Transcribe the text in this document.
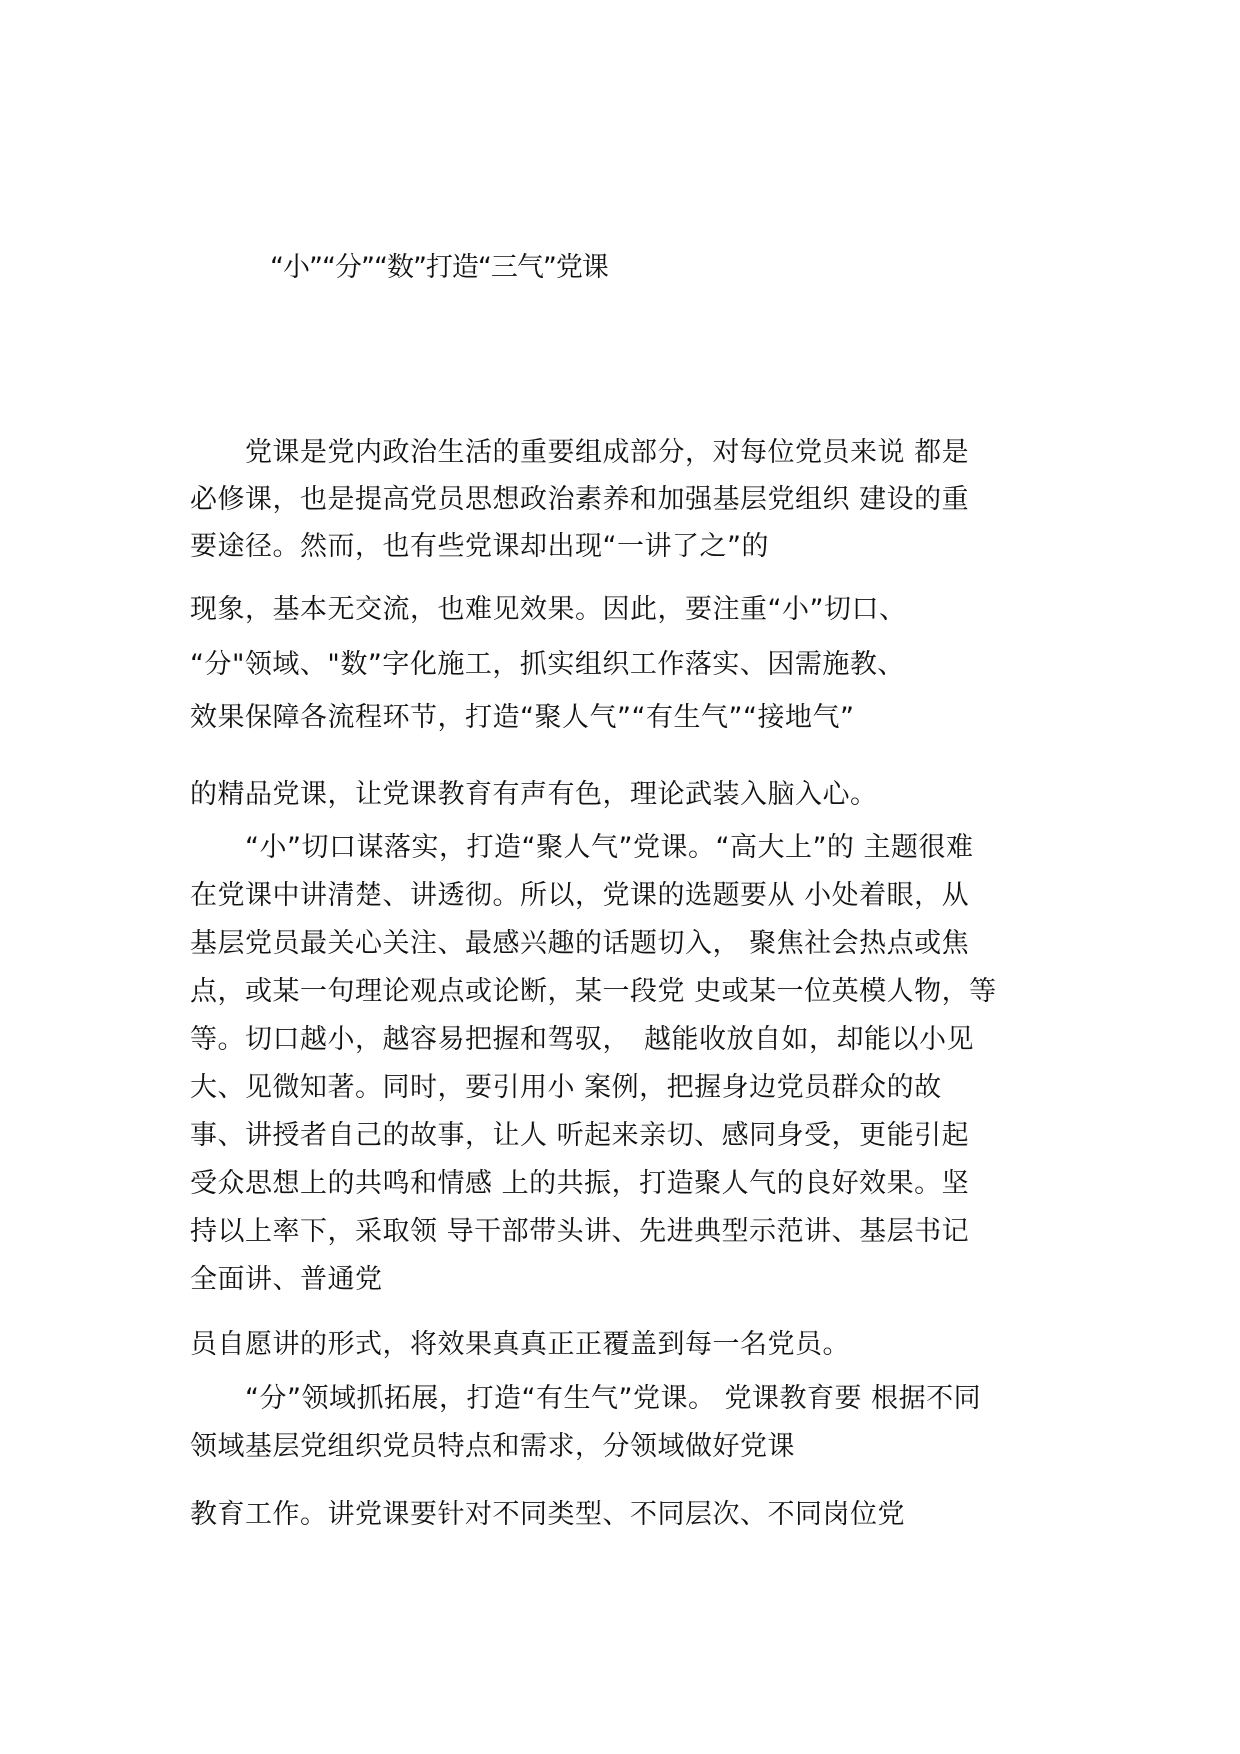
“小”“分”“数”打造“三气”党课
　　党课是党内政治生活的重要组成部分，对每位党员来说 都是
必修课，也是提高党员思想政治素养和加强基层党组织 建设的重
要途径。然而，也有些党课却出现“一讲了之”的
现象，基本无交流，也难见效果。因此，要注重“小”切口、
“分"领域、"数”字化施工，抓实组织工作落实、因需施教、
效果保障各流程环节，打造“聚人气”“有生气”“接地气”
的精品党课，让党课教育有声有色，理论武装入脑入心。
　　“小”切口谋落实，打造“聚人气”党课。“高大上”的 主题很难
在党课中讲清楚、讲透彻。所以，党课的选题要从 小处着眼，从
基层党员最关心关注、最感兴趣的话题切入， 聚焦社会热点或焦
点，或某一句理论观点或论断，某一段党 史或某一位英模人物，等
等。切口越小，越容易把握和驾驭，　越能收放自如，却能以小见
大、见微知著。同时，要引用小 案例，把握身边党员群众的故
事、讲授者自己的故事，让人 听起来亲切、感同身受，更能引起
受众思想上的共鸣和情感 上的共振，打造聚人气的良好效果。坚
持以上率下，采取领 导干部带头讲、先进典型示范讲、基层书记
全面讲、普通党
员自愿讲的形式，将效果真真正正覆盖到每一名党员。
　　“分”领域抓拓展，打造“有生气”党课。 党课教育要 根据不同
领域基层党组织党员特点和需求，分领域做好党课
教育工作。讲党课要针对不同类型、不同层次、不同岗位党
